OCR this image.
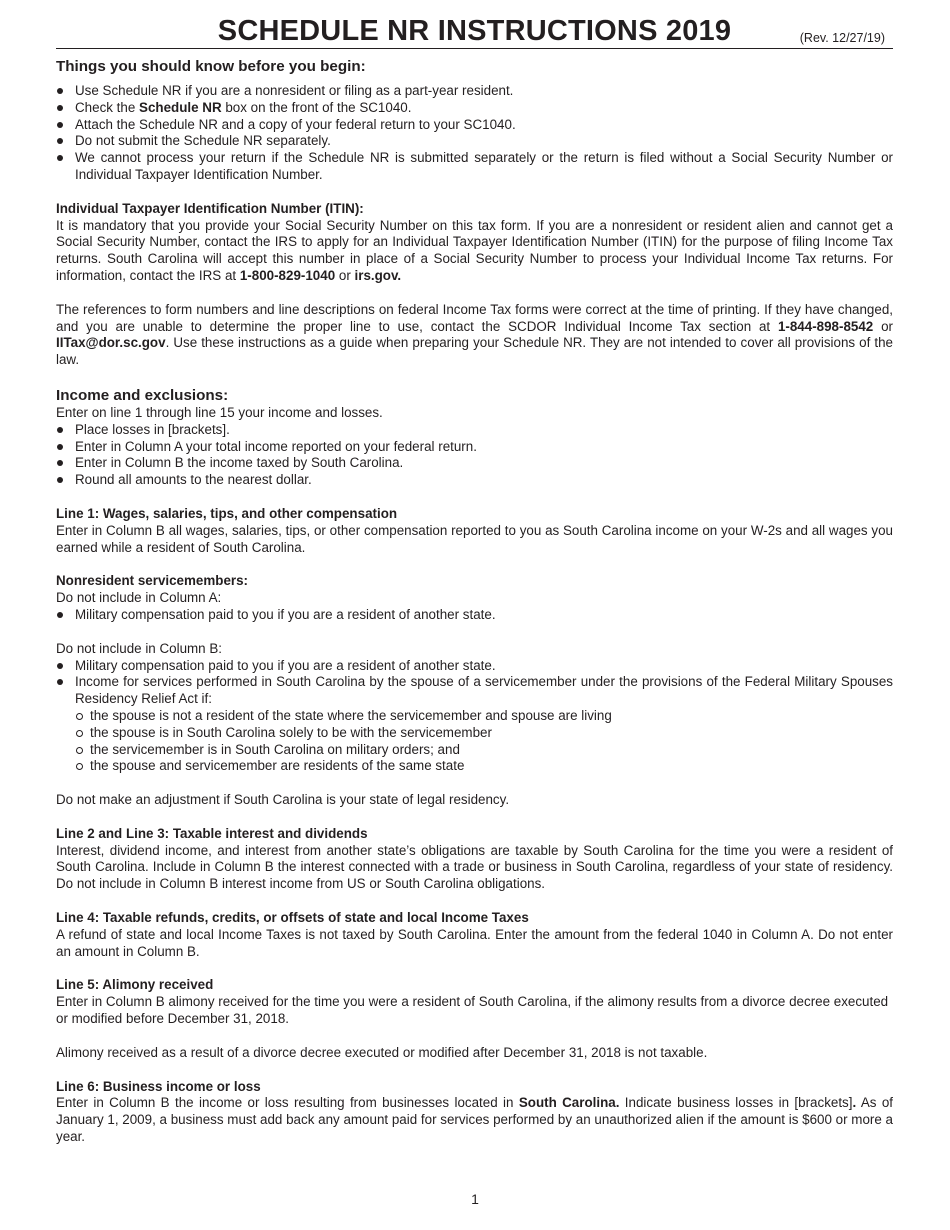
SCHEDULE NR INSTRUCTIONS 2019	(Rev. 12/27/19)
Things you should know before you begin:
Use Schedule NR if you are a nonresident or filing as a part-year resident.
Check the Schedule NR box on the front of the SC1040.
Attach the Schedule NR and a copy of your federal return to your SC1040.
Do not submit the Schedule NR separately.
We cannot process your return if the Schedule NR is submitted separately or the return is filed without a Social Security Number or Individual Taxpayer Identification Number.
Individual Taxpayer Identification Number (ITIN):

It is mandatory that you provide your Social Security Number on this tax form. If you are a nonresident or resident alien and cannot get a Social Security Number, contact the IRS to apply for an Individual Taxpayer Identification Number (ITIN) for the purpose of filing Income Tax returns. South Carolina will accept this number in place of a Social Security Number to process your Individual Income Tax returns. For information, contact the IRS at 1-800-829-1040 or irs.gov.

The references to form numbers and line descriptions on federal Income Tax forms were correct at the time of printing. If they have changed, and you are unable to determine the proper line to use, contact the SCDOR Individual Income Tax section at 1-844-898-8542 or IITax@dor.sc.gov. Use these instructions as a guide when preparing your Schedule NR. They are not intended to cover all provisions of the law.

Income and exclusions:

Enter on line 1 through line 15 your income and losses.

Place losses in [brackets].
Enter in Column A your total income reported on your federal return.
Enter in Column B the income taxed by South Carolina.
Round all amounts to the nearest dollar.
Line 1: Wages, salaries, tips, and other compensation

Enter in Column B all wages, salaries, tips, or other compensation reported to you as South Carolina income on your W-2s and all wages you earned while a resident of South Carolina.

Nonresident servicemembers:

Do not include in Column A:

Military compensation paid to you if you are a resident of another state.

Do not include in Column B:

Military compensation paid to you if you are a resident of another state.
Income for services performed in South Carolina by the spouse of a servicemember under the provisions of the Federal Military Spouses Residency Relief Act if:
the spouse is not a resident of the state where the servicemember and spouse are living
the spouse is in South Carolina solely to be with the servicemember
the servicemember is in South Carolina on military orders; and
the spouse and servicemember are residents of the same state

Do not make an adjustment if South Carolina is your state of legal residency.

Line 2 and Line 3: Taxable interest and dividends

Interest, dividend income, and interest from another state’s obligations are taxable by South Carolina for the time you were a resident of South Carolina. Include in Column B the interest connected with a trade or business in South Carolina, regardless of your state of residency. Do not include in Column B interest income from US or South Carolina obligations.

Line 4: Taxable refunds, credits, or offsets of state and local Income Taxes

A refund of state and local Income Taxes is not taxed by South Carolina. Enter the amount from the federal 1040 in Column A. Do not enter an amount in Column B.

Line 5: Alimony received

Enter in Column B alimony received for the time you were a resident of South Carolina, if the alimony results from a divorce decree executed or modified before December 31, 2018.

Alimony received as a result of a divorce decree executed or modified after December 31, 2018 is not taxable.

Line 6: Business income or loss

Enter in Column B the income or loss resulting from businesses located in South Carolina. Indicate business losses in [brackets]. As of January 1, 2009, a business must add back any amount paid for services performed by an unauthorized alien if the amount is $600 or more a year.

1
